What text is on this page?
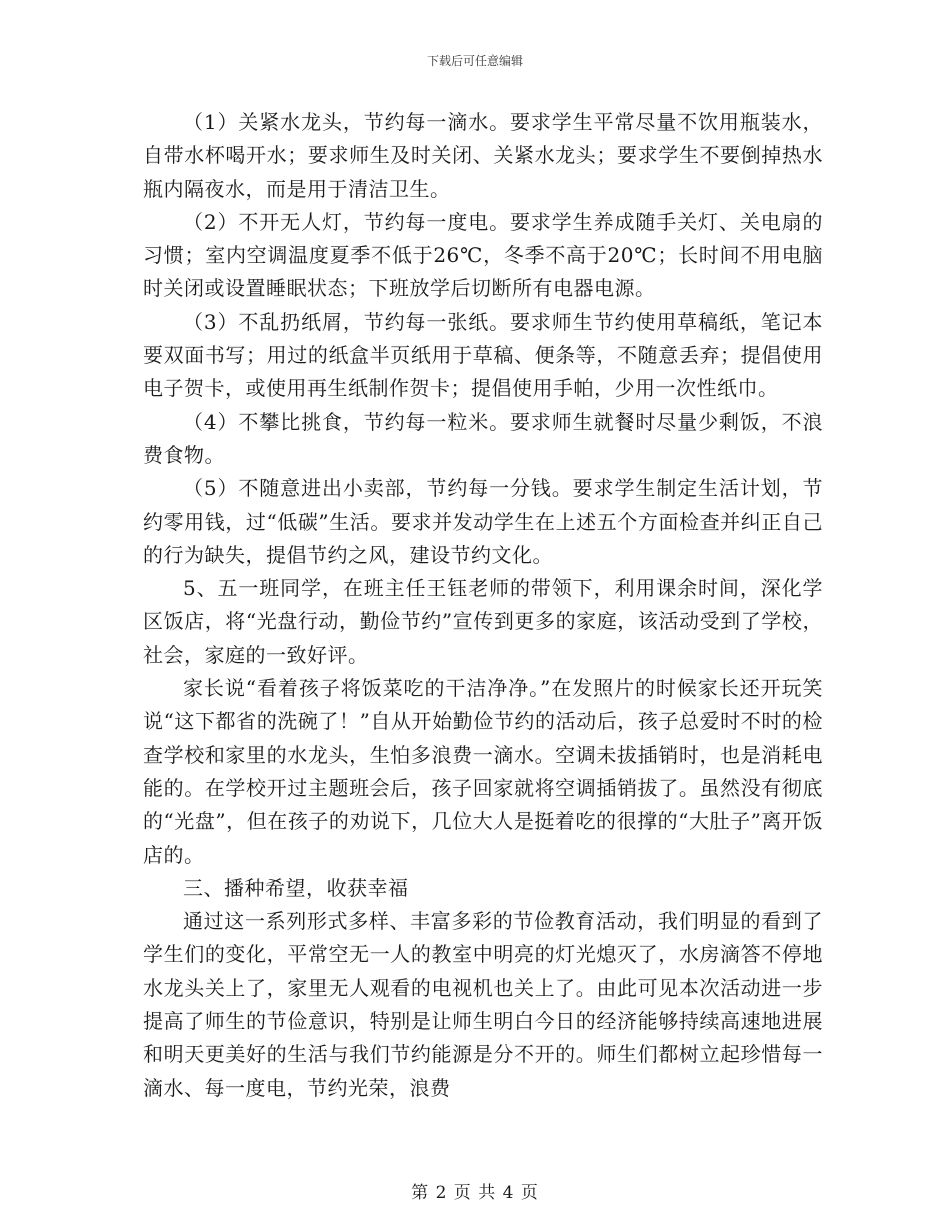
下载后可任意编辑

（1）关紧水龙头，节约每一滴水。要求学生平常尽量不饮用瓶装水，自带水杯喝开水；要求师生及时关闭、关紧水龙头；要求学生不要倒掉热水瓶内隔夜水，而是用于清洁卫生。

（2）不开无人灯，节约每一度电。要求学生养成随手关灯、关电扇的习惯；室内空调温度夏季不低于26℃，冬季不高于20℃；长时间不用电脑时关闭或设置睡眠状态；下班放学后切断所有电器电源。

（3）不乱扔纸屑，节约每一张纸。要求师生节约使用草稿纸，笔记本要双面书写；用过的纸盒半页纸用于草稿、便条等，不随意丢弃；提倡使用电子贺卡，或使用再生纸制作贺卡；提倡使用手帕，少用一次性纸巾。

（4）不攀比挑食，节约每一粒米。要求师生就餐时尽量少剩饭，不浪费食物。

（5）不随意进出小卖部，节约每一分钱。要求学生制定生活计划，节约零用钱，过“低碳”生活。要求并发动学生在上述五个方面检查并纠正自己的行为缺失，提倡节约之风，建设节约文化。

5、五一班同学，在班主任王钰老师的带领下，利用课余时间，深化学区饭店，将“光盘行动，勤俭节约”宣传到更多的家庭，该活动受到了学校，社会，家庭的一致好评。

家长说“看着孩子将饭菜吃的干洁净净。”在发照片的时候家长还开玩笑说“这下都省的洗碗了！”自从开始勤俭节约的活动后，孩子总爱时不时的检查学校和家里的水龙头，生怕多浪费一滴水。空调未拔插销时，也是消耗电能的。在学校开过主题班会后，孩子回家就将空调插销拔了。虽然没有彻底的“光盘”，但在孩子的劝说下，几位大人是挺着吃的很撑的“大肚子”离开饭店的。

三、播种希望，收获幸福

通过这一系列形式多样、丰富多彩的节俭教育活动，我们明显的看到了学生们的变化，平常空无一人的教室中明亮的灯光熄灭了，水房滴答不停地水龙头关上了，家里无人观看的电视机也关上了。由此可见本次活动进一步提高了师生的节俭意识，特别是让师生明白今日的经济能够持续高速地进展和明天更美好的生活与我们节约能源是分不开的。师生们都树立起珍惜每一滴水、每一度电，节约光荣，浪费

第 2 页 共 4 页
